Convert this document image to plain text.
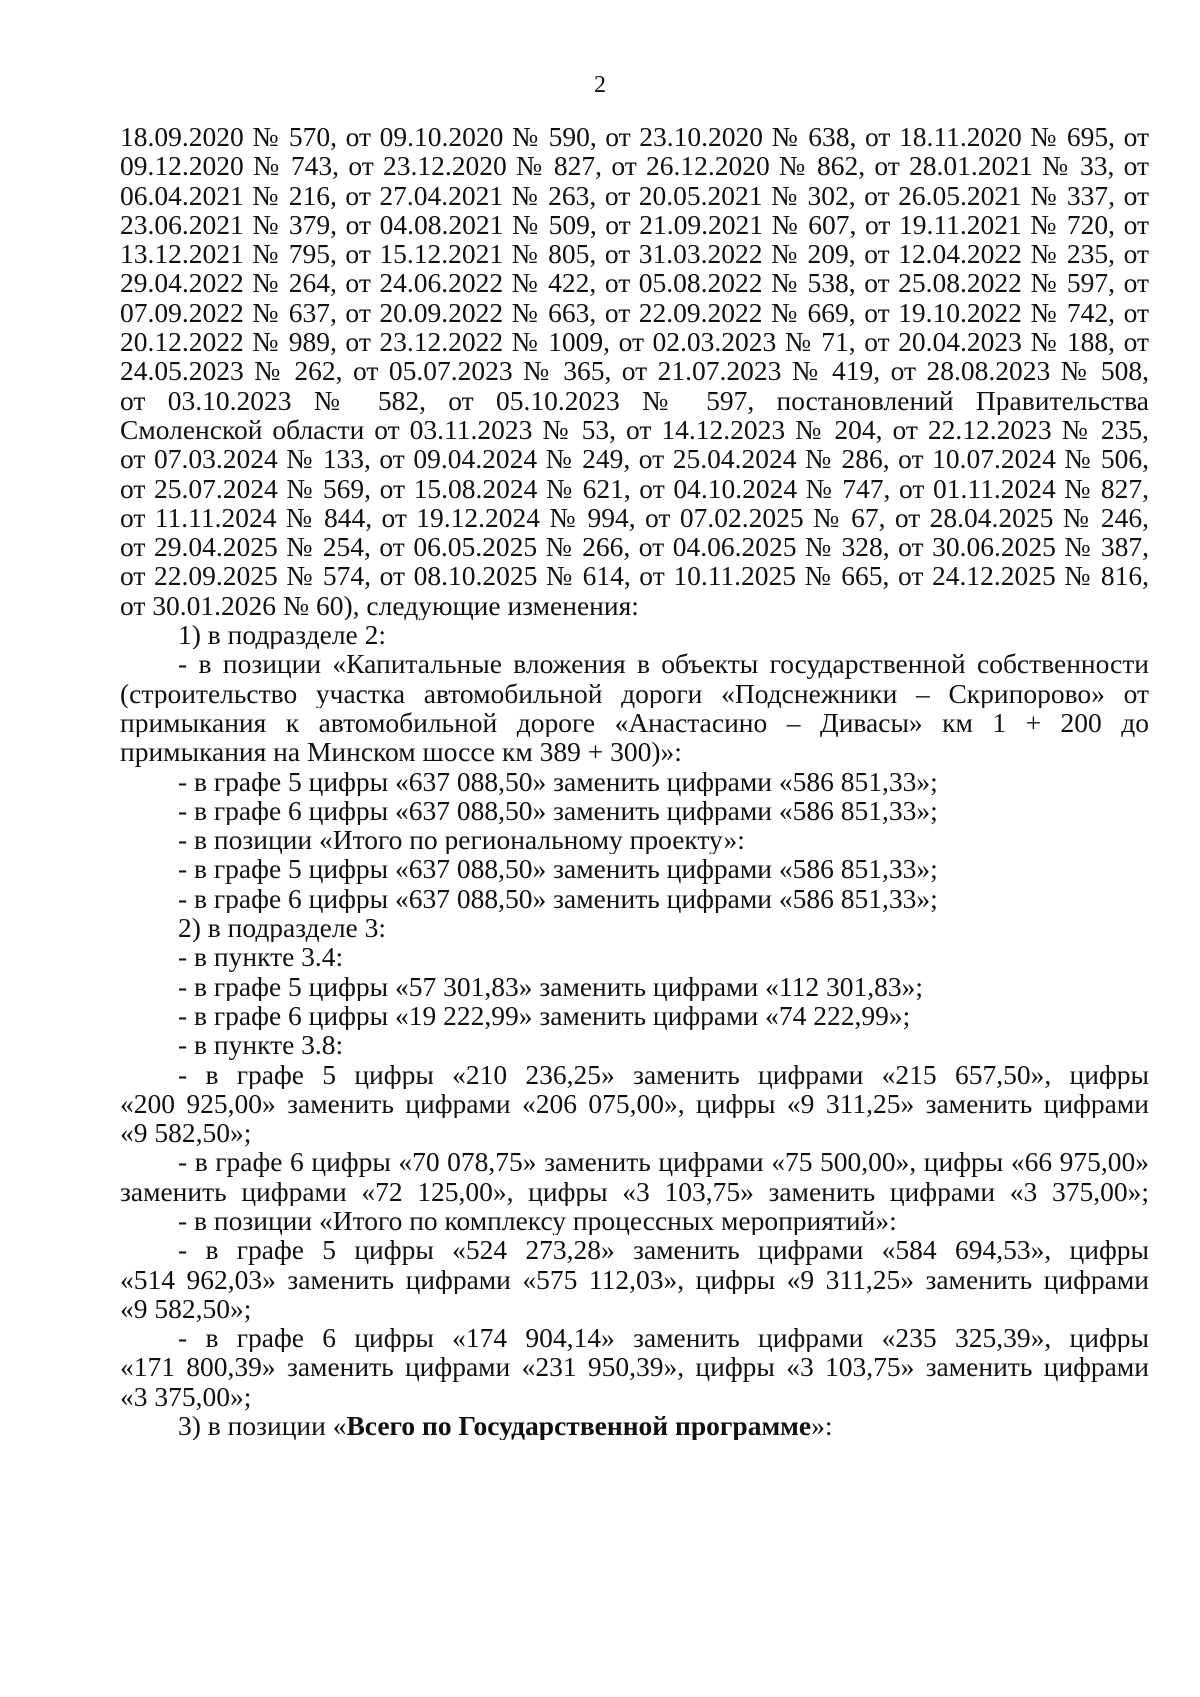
2
18.09.2020 № 570, от 09.10.2020 № 590, от 23.10.2020 № 638, от 18.11.2020 № 695, от
09.12.2020 № 743, от 23.12.2020 № 827, от 26.12.2020 № 862, от 28.01.2021 № 33, от
06.04.2021 № 216, от 27.04.2021 № 263, от 20.05.2021 № 302, от 26.05.2021 № 337, от
23.06.2021 № 379, от 04.08.2021 № 509, от 21.09.2021 № 607, от 19.11.2021 № 720, от
13.12.2021 № 795, от 15.12.2021 № 805, от 31.03.2022 № 209, от 12.04.2022 № 235, от
29.04.2022 № 264, от 24.06.2022 № 422, от 05.08.2022 № 538, от 25.08.2022 № 597, от
07.09.2022 № 637, от 20.09.2022 № 663, от 22.09.2022 № 669, от 19.10.2022 № 742, от
20.12.2022 № 989, от 23.12.2022 № 1009, от 02.03.2023 № 71, от 20.04.2023 № 188, от
24.05.2023 № 262, от 05.07.2023 № 365, от 21.07.2023 № 419, от 28.08.2023 № 508,
от 03.10.2023 № 582, от 05.10.2023 № 597, постановлений Правительства
Смоленской области от 03.11.2023 № 53, от 14.12.2023 № 204, от 22.12.2023 № 235,
от 07.03.2024 № 133, от 09.04.2024 № 249, от 25.04.2024 № 286, от 10.07.2024 № 506,
от 25.07.2024 № 569, от 15.08.2024 № 621, от 04.10.2024 № 747, от 01.11.2024 № 827,
от 11.11.2024 № 844, от 19.12.2024 № 994, от 07.02.2025 № 67, от 28.04.2025 № 246,
от 29.04.2025 № 254, от 06.05.2025 № 266, от 04.06.2025 № 328, от 30.06.2025 № 387,
от 22.09.2025 № 574, от 08.10.2025 № 614, от 10.11.2025 № 665, от 24.12.2025 № 816,
от 30.01.2026 № 60), следующие изменения:
1) в подразделе 2:
- в позиции «Капитальные вложения в объекты государственной собственности
(строительство участка автомобильной дороги «Подснежники – Скрипорово» от
примыкания к автомобильной дороге «Анастасино – Дивасы» км 1 + 200 до
примыкания на Минском шоссе км 389 + 300)»:
- в графе 5 цифры «637 088,50» заменить цифрами «586 851,33»;
- в графе 6 цифры «637 088,50» заменить цифрами «586 851,33»;
- в позиции «Итого по региональному проекту»:
- в графе 5 цифры «637 088,50» заменить цифрами «586 851,33»;
- в графе 6 цифры «637 088,50» заменить цифрами «586 851,33»;
2) в подразделе 3:
- в пункте 3.4:
- в графе 5 цифры «57 301,83» заменить цифрами «112 301,83»;
- в графе 6 цифры «19 222,99» заменить цифрами «74 222,99»;
- в пункте 3.8:
- в графе 5 цифры «210 236,25» заменить цифрами «215 657,50», цифры
«200 925,00» заменить цифрами «206 075,00», цифры «9 311,25» заменить цифрами
«9 582,50»;
- в графе 6 цифры «70 078,75» заменить цифрами «75 500,00», цифры «66 975,00»
заменить цифрами «72 125,00», цифры «3 103,75» заменить цифрами «3 375,00»;
- в позиции «Итого по комплексу процессных мероприятий»:
- в графе 5 цифры «524 273,28» заменить цифрами «584 694,53», цифры
«514 962,03» заменить цифрами «575 112,03», цифры «9 311,25» заменить цифрами
«9 582,50»;
- в графе 6 цифры «174 904,14» заменить цифрами «235 325,39», цифры
«171 800,39» заменить цифрами «231 950,39», цифры «3 103,75» заменить цифрами
«3 375,00»;
3) в позиции «Всего по Государственной программе»:
